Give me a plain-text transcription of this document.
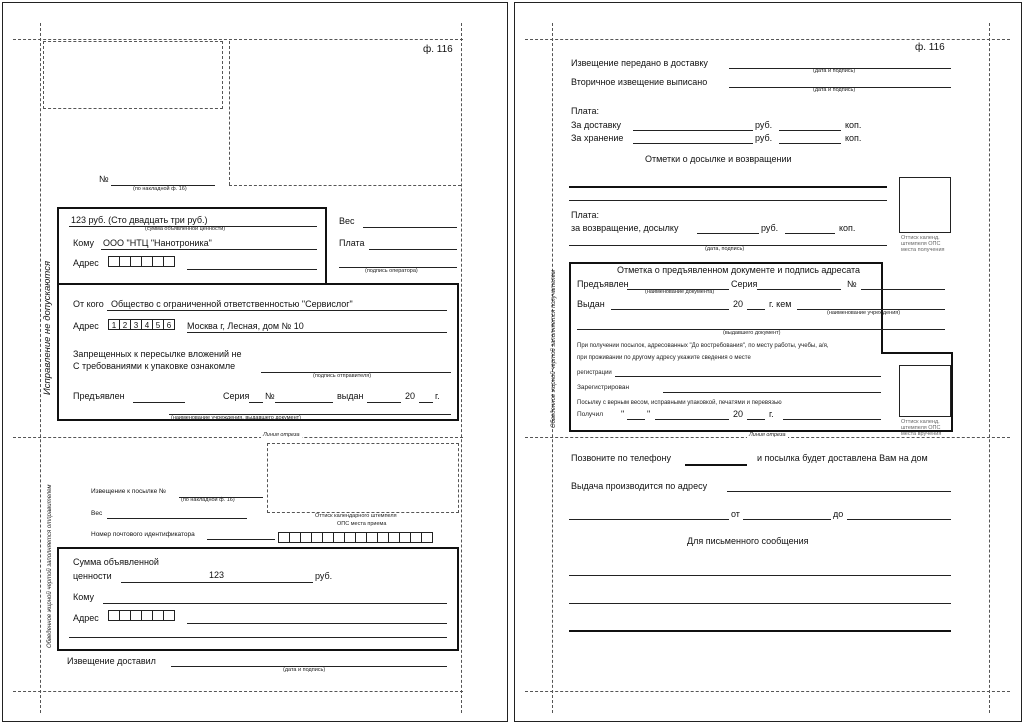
ф. 116
№
(по накладной ф. 16)
123 руб. (Сто двадцать три руб.)
(сумма объявленной ценности)
Кому ООО "НТЦ "Нанотроника"
Адрес
Вес
Плата
(подпись оператора)
От кого Общество с ограниченной ответственностью "Сервислог"
Адрес	1 2 3 4 5 6	Москва г, Лесная, дом № 10
Запрещенных к пересылке вложений не
С требованиями к упаковке ознакомле
(подпись отправителя)
Предъявлен	Серия №	выдан	20 г.
(наименование учреждения, выдавшего документ)
Исправление не допускаются
Линия отреза
Извещение к посылке №
(по накладной ф. 16)
Вес
Номер почтового идентификатора
Оттиск календарного штемпеля
ОПС места приема
Сумма объявленной
ценности	123	руб.
Кому
Адрес
Извещение доставил
(дата и подпись)
Обведенное жирной чертой заполняется отправителем
ф. 116
Извещение передано в доставку
(дата и подпись)
Вторичное извещение выписано
(дата и подпись)
Плата:
За доставку	руб.	коп.
За хранение	руб.	коп.
Отметки о досылке и возвращении
Оттиск календ. штемпеля ОПС места получения
Плата:
за возвращение, досылку	руб.	коп.
(дата, подпись)
Отметка о предъявленном документе и подпись адресата
Предъявлен
(наименование документа)
Серия	№
Выдан	20	г. кем
(наименование учреждения)
(выдавшего документ)
При получении посылок, адресованных "До востребования", по месту работы, учебы, а/я,
при проживании по другому адресу укажите сведения о месте
регистрации
Зарегистрирован
Посылку с верным весом, исправными упаковкой, печатями и перевязью
Получил "	"	20	г.
Оттиск календ. штемпеля ОПС места вручения
Обведенное жирной чертой заполняется получателем
Линия отреза
Позвоните по телефону	и посылка будет доставлена Вам на дом
Выдача производится по адресу
от	до
Для письменного сообщения
